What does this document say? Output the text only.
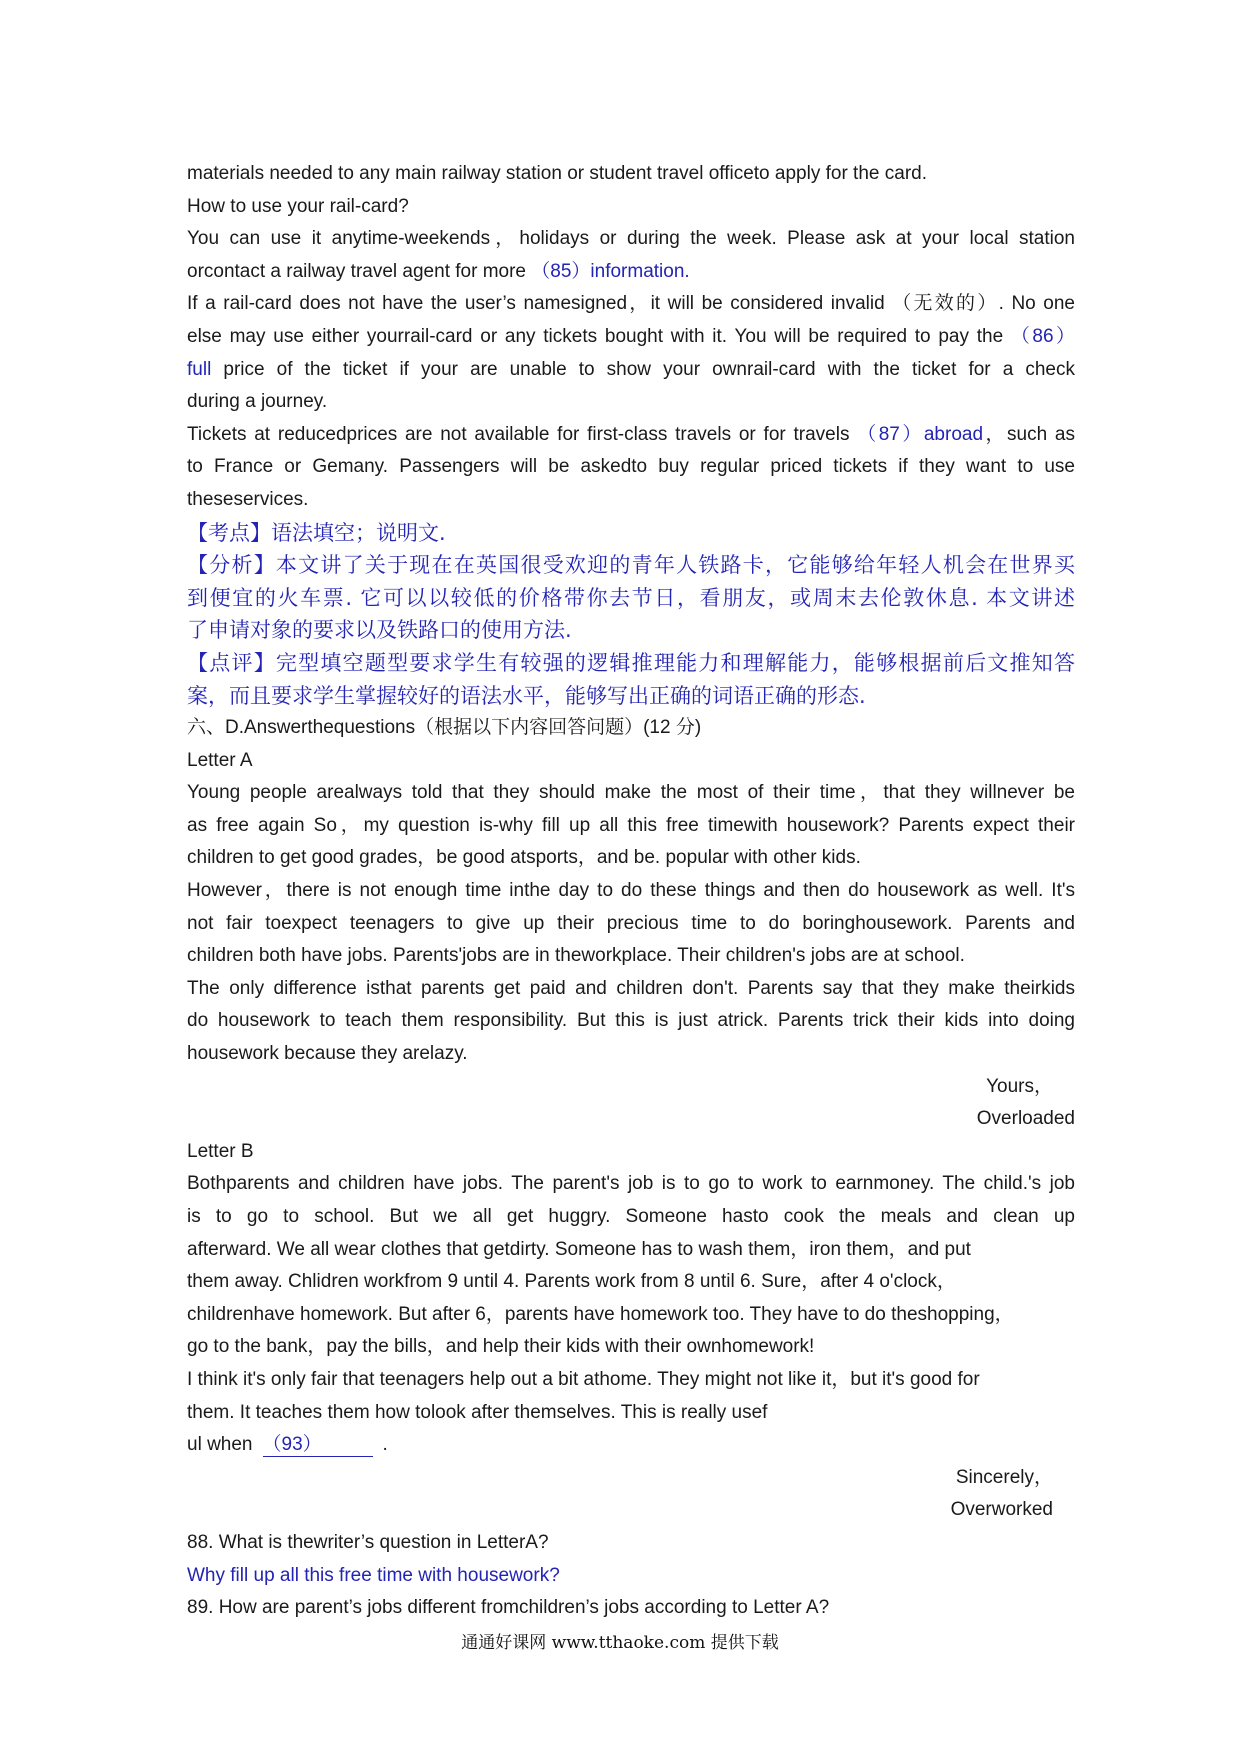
materials needed to any main railway station or student travel officeto apply for the card.
How to use your rail-card?
You can use it anytime-weekends，holidays or during the week. Please ask at your local station
orcontact a railway travel agent for more （85）information.
If a rail-card does not have the user’s namesigned，it will be considered invalid （无效的）. No one
else may use either yourrail-card or any tickets bought with it. You will be required to pay the （86）
full price of the ticket if your are unable to show your ownrail-card with the ticket for a check
during a journey.
Tickets at reducedprices are not available for first-class travels or for travels （87）abroad，such as
to France or Gemany. Passengers will be askedto buy regular priced tickets if they want to use
theseservices.
【考点】语法填空；说明文.
【分析】本文讲了关于现在在英国很受欢迎的青年人铁路卡，它能够给年轻人机会在世界买
到便宜的火车票. 它可以以较低的价格带你去节日，看朋友，或周末去伦敦休息. 本文讲述
了申请对象的要求以及铁路口的使用方法.
【点评】完型填空题型要求学生有较强的逻辑推理能力和理解能力，能够根据前后文推知答
案，而且要求学生掌握较好的语法水平，能够写出正确的词语正确的形态.
六、D.Answerthequestions（根据以下内容回答问题）(12 分)
Letter A
Young people arealways told that they should make the most of their time，that they willnever be
as free again So，my question is-why fill up all this free timewith housework? Parents expect their
children to get good grades，be good atsports，and be. popular with other kids.
However，there is not enough time inthe day to do these things and then do housework as well. It's
not fair toexpect teenagers to give up their precious time to do boringhousework. Parents and
children both have jobs. Parents'jobs are in theworkplace. Their children's jobs are at school.
The only difference isthat parents get paid and children don't. Parents say that they make theirkids
do housework to teach them responsibility. But this is just atrick. Parents trick their kids into doing
housework because they arelazy.
Yours，
Overloaded
Letter B
Bothparents and children have jobs. The parent's job is to go to work to earnmoney. The child.'s job
is to go to school. But we all get huggry. Someone hasto cook the meals and clean up
afterward. We all wear clothes that getdirty. Someone has to wash them，iron them，and put
them away. Chlidren workfrom 9 until 4. Parents work from 8 until 6. Sure，after 4 o'clock，
childrenhave homework. But after 6，parents have homework too. They have to do theshopping，
go to the bank，pay the bills，and help their kids with their ownhomework!
I think it's only fair that teenagers help out a bit athome. They might not like it，but it's good for
them. It teaches them how tolook after themselves. This is really usef
ul when （93）	.
Sincerely，
Overworked
88. What is thewriter’s question in LetterA?
Why fill up all this free time with housework?
89. How are parent’s jobs different fromchildren’s jobs according to Letter A?
通通好课网 www.tthaoke.com 提供下载
